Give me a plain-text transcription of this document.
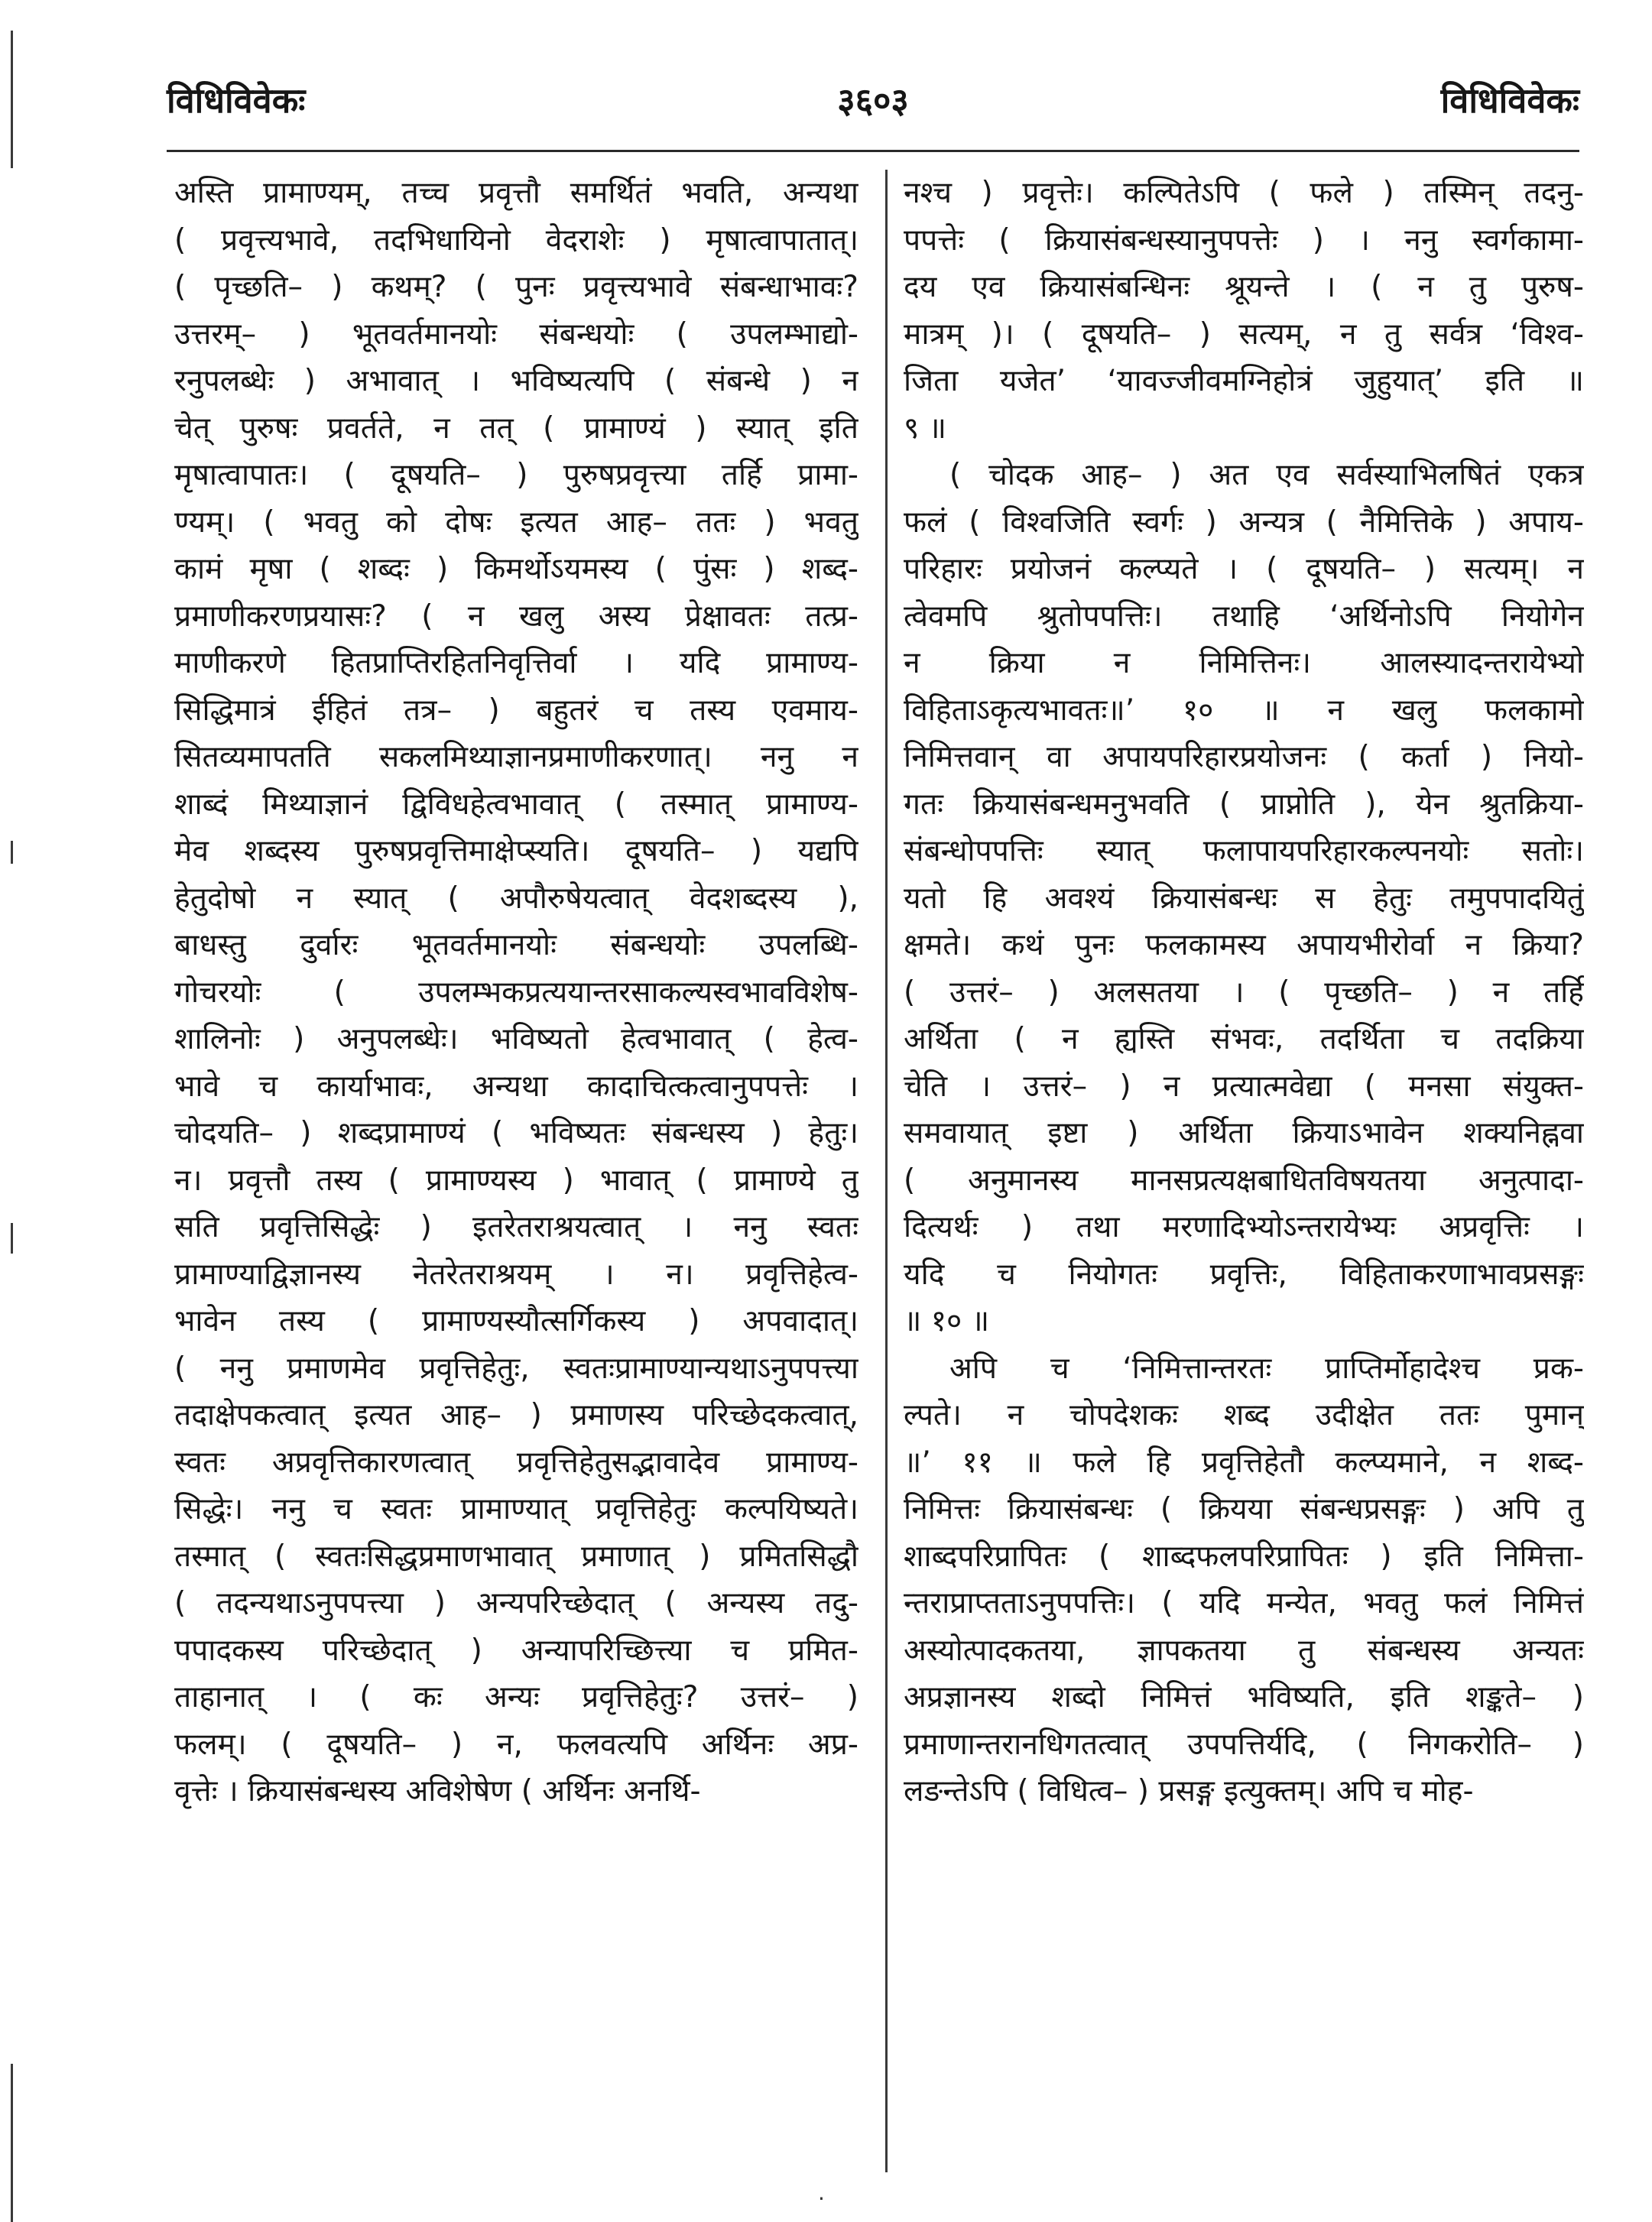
विधिविवेकः	३६०३	विधिविवेकः
अस्ति प्रामाण्यम्, तच्च प्रवृत्तौ समर्थितं भवति, अन्यथा
( प्रवृत्त्यभावे, तदभिधायिनो वेदराशेः ) मृषात्वापातात्।
( पृच्छति– ) कथम्? ( पुनः प्रवृत्त्यभावे संबन्धाभावः?
उत्तरम्– ) भूतवर्तमानयोः संबन्धयोः ( उपलम्भाद्यो-
रनुपलब्धेः ) अभावात् । भविष्यत्यपि ( संबन्धे ) न
चेत् पुरुषः प्रवर्तते, न तत् ( प्रामाण्यं ) स्यात् इति
मृषात्वापातः। ( दूषयति– ) पुरुषप्रवृत्त्या तर्हि प्रामा-
ण्यम्। ( भवतु को दोषः इत्यत आह– ततः ) भवतु
कामं मृषा ( शब्दः ) किमर्थोऽयमस्य ( पुंसः ) शब्द-
प्रमाणीकरणप्रयासः? ( न खलु अस्य प्रेक्षावतः तत्प्र-
माणीकरणे हितप्राप्तिरहितनिवृत्तिर्वा । यदि प्रामाण्य-
सिद्धिमात्रं ईहितं तत्र– ) बहुतरं च तस्य एवमाय-
सितव्यमापतति सकलमिथ्याज्ञानप्रमाणीकरणात्। ननु न
शाब्दं मिथ्याज्ञानं द्विविधहेत्वभावात् ( तस्मात् प्रामाण्य-
मेव शब्दस्य पुरुषप्रवृत्तिमाक्षेप्स्यति। दूषयति– ) यद्यपि
हेतुदोषो न स्यात् ( अपौरुषेयत्वात् वेदशब्दस्य ),
बाधस्तु दुर्वारः भूतवर्तमानयोः संबन्धयोः उपलब्धि-
गोचरयोः ( उपलम्भकप्रत्ययान्तरसाकल्यस्वभावविशेष-
शालिनोः ) अनुपलब्धेः। भविष्यतो हेत्वभावात् ( हेत्व-
भावे च कार्याभावः, अन्यथा कादाचित्कत्वानुपपत्तेः ।
चोदयति– ) शब्दप्रामाण्यं ( भविष्यतः संबन्धस्य ) हेतुः।
न। प्रवृत्तौ तस्य ( प्रामाण्यस्य ) भावात् ( प्रामाण्ये तु
सति प्रवृत्तिसिद्धेः ) इतरेतराश्रयत्वात् । ननु स्वतः
प्रामाण्याद्विज्ञानस्य नेतरेतराश्रयम् । न। प्रवृत्तिहेत्व-
भावेन तस्य ( प्रामाण्यस्यौत्सर्गिकस्य ) अपवादात्।
( ननु प्रमाणमेव प्रवृत्तिहेतुः, स्वतःप्रामाण्यान्यथाऽनुपपत्त्या
तदाक्षेपकत्वात् इत्यत आह– ) प्रमाणस्य परिच्छेदकत्वात्,
स्वतः अप्रवृत्तिकारणत्वात् प्रवृत्तिहेतुसद्भावादेव प्रामाण्य-
सिद्धेः। ननु च स्वतः प्रामाण्यात् प्रवृत्तिहेतुः कल्पयिष्यते।
तस्मात् ( स्वतःसिद्धप्रमाणभावात् प्रमाणात् ) प्रमितसिद्धौ
( तदन्यथाऽनुपपत्त्या ) अन्यपरिच्छेदात् ( अन्यस्य तदु-
पपादकस्य परिच्छेदात् ) अन्यापरिच्छित्त्या च प्रमित-
ताहानात् । ( कः अन्यः प्रवृत्तिहेतुः? उत्तरं– )
फलम्। ( दूषयति– ) न, फलवत्यपि अर्थिनः अप्र-
वृत्तेः । क्रियासंबन्धस्य अविशेषेण ( अर्थिनः अनर्थि-
नश्च ) प्रवृत्तेः। कल्पितेऽपि ( फले ) तस्मिन् तदनु-
पपत्तेः ( क्रियासंबन्धस्यानुपपत्तेः ) । ननु स्वर्गकामा-
दय एव क्रियासंबन्धिनः श्रूयन्ते । ( न तु पुरुष-
मात्रम् )। ( दूषयति– ) सत्यम्, न तु सर्वत्र ‘विश्व-
जिता यजेत’ ‘यावज्जीवमग्निहोत्रं जुहुयात्’ इति ॥
९ ॥
( चोदक आह– ) अत एव सर्वस्याभिलषितं एकत्र
फलं ( विश्वजिति स्वर्गः ) अन्यत्र ( नैमित्तिके ) अपाय-
परिहारः प्रयोजनं कल्प्यते । ( दूषयति– ) सत्यम्। न
त्वेवमपि श्रुतोपपत्तिः। तथाहि ‘अर्थिनोऽपि नियोगेन
न क्रिया न निमित्तिनः। आलस्यादन्तरायेभ्यो
विहिताऽकृत्यभावतः॥’ १० ॥ न खलु फलकामो
निमित्तवान् वा अपायपरिहारप्रयोजनः ( कर्ता ) नियो-
गतः क्रियासंबन्धमनुभवति ( प्राप्नोति ), येन श्रुतक्रिया-
संबन्धोपपत्तिः स्यात् फलापायपरिहारकल्पनयोः सतोः।
यतो हि अवश्यं क्रियासंबन्धः स हेतुः तमुपपादयितुं
क्षमते। कथं पुनः फलकामस्य अपायभीरोर्वा न क्रिया?
( उत्तरं– ) अलसतया । ( पृच्छति– ) न तर्हि
अर्थिता ( न ह्यस्ति संभवः, तदर्थिता च तदक्रिया
चेति । उत्तरं– ) न प्रत्यात्मवेद्या ( मनसा संयुक्त-
समवायात् इष्टा ) अर्थिता क्रियाऽभावेन शक्यनिह्नवा
( अनुमानस्य मानसप्रत्यक्षबाधितविषयतया अनुत्पादा-
दित्यर्थः ) तथा मरणादिभ्योऽन्तरायेभ्यः अप्रवृत्तिः ।
यदि च नियोगतः प्रवृत्तिः, विहिताकरणाभावप्रसङ्गः
॥ १० ॥
अपि च ‘निमित्तान्तरतः प्राप्तिर्मोहादेश्च प्रक-
ल्पते। न चोपदेशकः शब्द उदीक्षेत ततः पुमान्
॥’ ११ ॥ फले हि प्रवृत्तिहेतौ कल्प्यमाने, न शब्द-
निमित्तः क्रियासंबन्धः ( क्रियया संबन्धप्रसङ्गः ) अपि तु
शाब्दपरिप्रापितः ( शाब्दफलपरिप्रापितः ) इति निमित्ता-
न्तराप्राप्तताऽनुपपत्तिः। ( यदि मन्येत, भवतु फलं निमित्तं
अस्योत्पादकतया, ज्ञापकतया तु संबन्धस्य अन्यतः
अप्रज्ञानस्य शब्दो निमित्तं भविष्यति, इति शङ्कते– )
प्रमाणान्तरानधिगतत्वात् उपपत्तिर्यदि, ( निगकरोति– )
लङन्तेऽपि ( विधित्व– ) प्रसङ्ग इत्युक्तम्। अपि च मोह-
·
